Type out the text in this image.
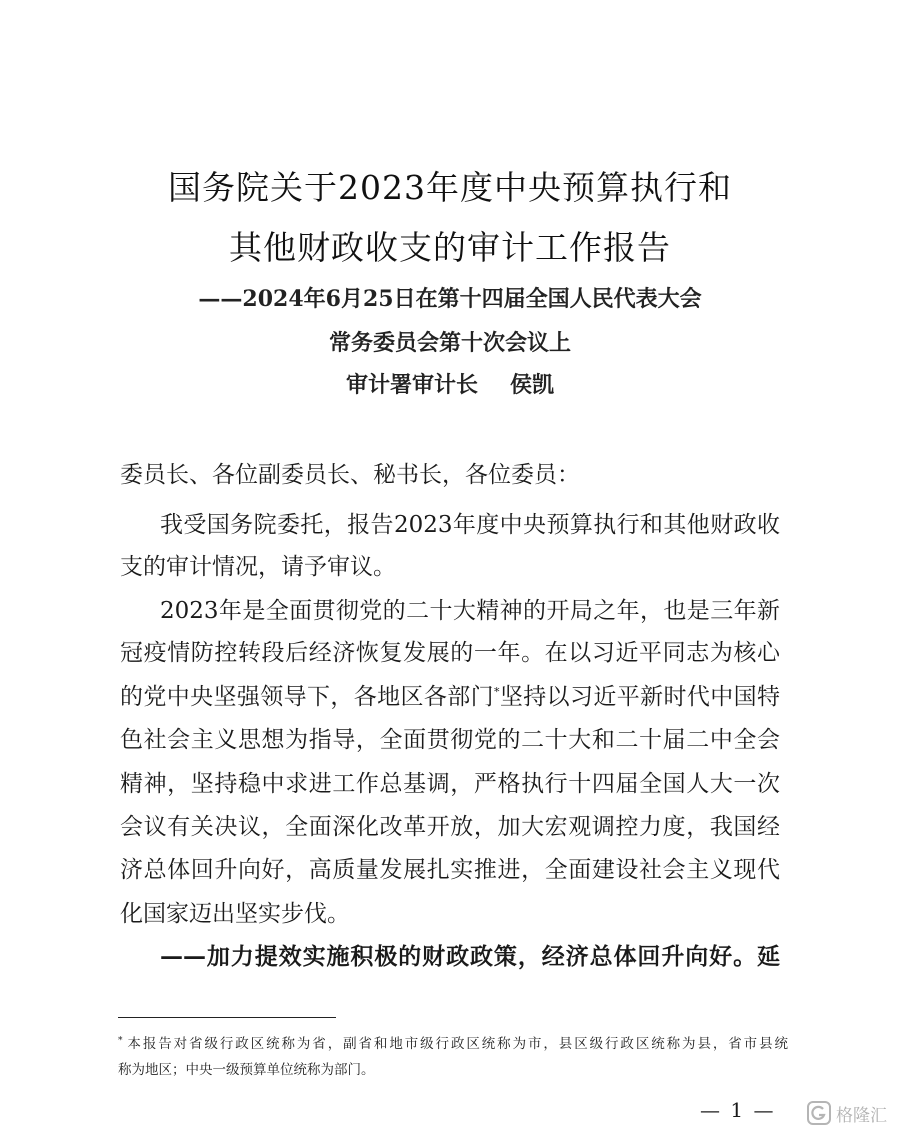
国务院关于2023年度中央预算执行和
其他财政收支的审计工作报告
——2024年6月25日在第十四届全国人民代表大会
常务委员会第十次会议上
审计署审计长 侯凯
委员长、各位副委员长、秘书长，各位委员：
我受国务院委托，报告2023年度中央预算执行和其他财政收
支的审计情况，请予审议。
2023年是全面贯彻党的二十大精神的开局之年，也是三年新
冠疫情防控转段后经济恢复发展的一年。在以习近平同志为核心
的党中央坚强领导下，各地区各部门*坚持以习近平新时代中国特
色社会主义思想为指导，全面贯彻党的二十大和二十届二中全会
精神，坚持稳中求进工作总基调，严格执行十四届全国人大一次
会议有关决议，全面深化改革开放，加大宏观调控力度，我国经
济总体回升向好，高质量发展扎实推进，全面建设社会主义现代
化国家迈出坚实步伐。
——加力提效实施积极的财政政策，经济总体回升向好。延
* 本报告对省级行政区统称为省，副省和地市级行政区统称为市，县区级行政区统称为县，省市县统
称为地区；中央一级预算单位统称为部门。
— 1 —	格隆汇
